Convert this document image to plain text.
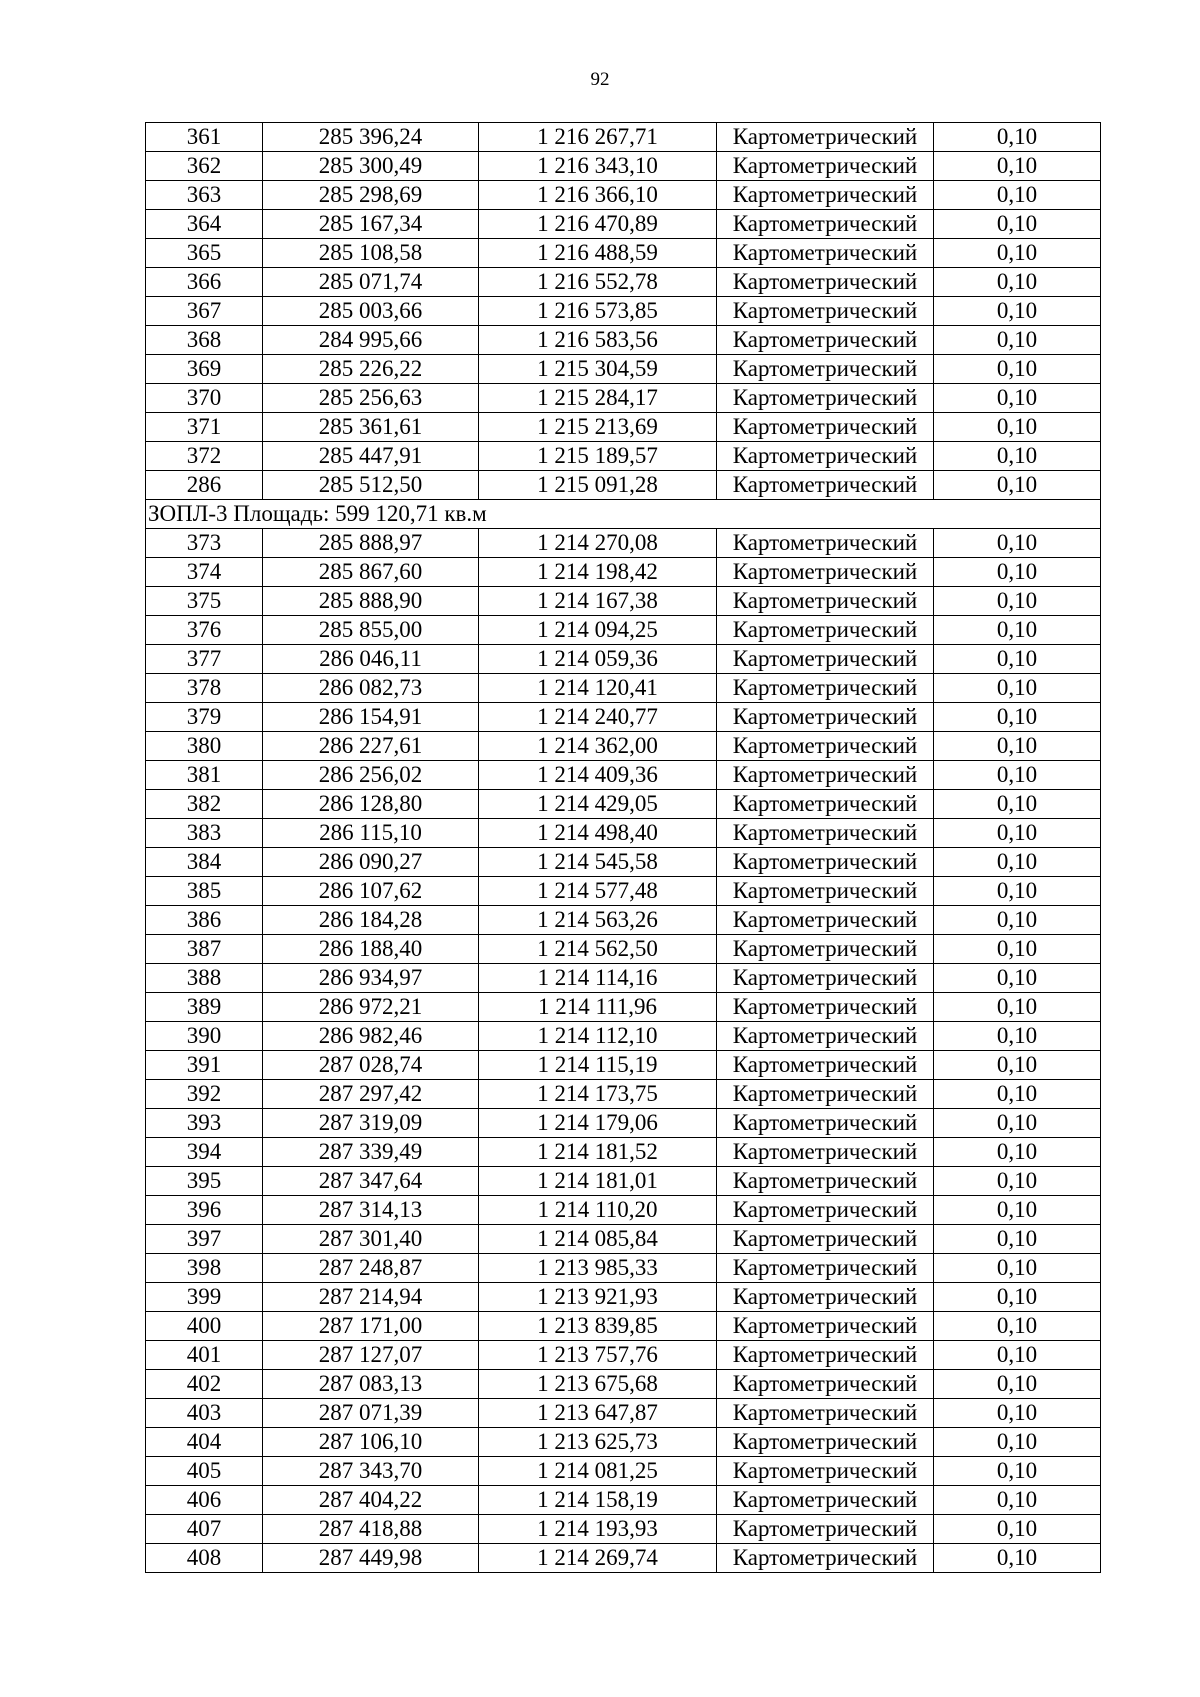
92
361	285 396,24	1 216 267,71	Картометрический	0,10
362	285 300,49	1 216 343,10	Картометрический	0,10
363	285 298,69	1 216 366,10	Картометрический	0,10
364	285 167,34	1 216 470,89	Картометрический	0,10
365	285 108,58	1 216 488,59	Картометрический	0,10
366	285 071,74	1 216 552,78	Картометрический	0,10
367	285 003,66	1 216 573,85	Картометрический	0,10
368	284 995,66	1 216 583,56	Картометрический	0,10
369	285 226,22	1 215 304,59	Картометрический	0,10
370	285 256,63	1 215 284,17	Картометрический	0,10
371	285 361,61	1 215 213,69	Картометрический	0,10
372	285 447,91	1 215 189,57	Картометрический	0,10
286	285 512,50	1 215 091,28	Картометрический	0,10
ЗОПЛ-3 Площадь: 599 120,71 кв.м				
373	285 888,97	1 214 270,08	Картометрический	0,10
374	285 867,60	1 214 198,42	Картометрический	0,10
375	285 888,90	1 214 167,38	Картометрический	0,10
376	285 855,00	1 214 094,25	Картометрический	0,10
377	286 046,11	1 214 059,36	Картометрический	0,10
378	286 082,73	1 214 120,41	Картометрический	0,10
379	286 154,91	1 214 240,77	Картометрический	0,10
380	286 227,61	1 214 362,00	Картометрический	0,10
381	286 256,02	1 214 409,36	Картометрический	0,10
382	286 128,80	1 214 429,05	Картометрический	0,10
383	286 115,10	1 214 498,40	Картометрический	0,10
384	286 090,27	1 214 545,58	Картометрический	0,10
385	286 107,62	1 214 577,48	Картометрический	0,10
386	286 184,28	1 214 563,26	Картометрический	0,10
387	286 188,40	1 214 562,50	Картометрический	0,10
388	286 934,97	1 214 114,16	Картометрический	0,10
389	286 972,21	1 214 111,96	Картометрический	0,10
390	286 982,46	1 214 112,10	Картометрический	0,10
391	287 028,74	1 214 115,19	Картометрический	0,10
392	287 297,42	1 214 173,75	Картометрический	0,10
393	287 319,09	1 214 179,06	Картометрический	0,10
394	287 339,49	1 214 181,52	Картометрический	0,10
395	287 347,64	1 214 181,01	Картометрический	0,10
396	287 314,13	1 214 110,20	Картометрический	0,10
397	287 301,40	1 214 085,84	Картометрический	0,10
398	287 248,87	1 213 985,33	Картометрический	0,10
399	287 214,94	1 213 921,93	Картометрический	0,10
400	287 171,00	1 213 839,85	Картометрический	0,10
401	287 127,07	1 213 757,76	Картометрический	0,10
402	287 083,13	1 213 675,68	Картометрический	0,10
403	287 071,39	1 213 647,87	Картометрический	0,10
404	287 106,10	1 213 625,73	Картометрический	0,10
405	287 343,70	1 214 081,25	Картометрический	0,10
406	287 404,22	1 214 158,19	Картометрический	0,10
407	287 418,88	1 214 193,93	Картометрический	0,10
408	287 449,98	1 214 269,74	Картометрический	0,10
